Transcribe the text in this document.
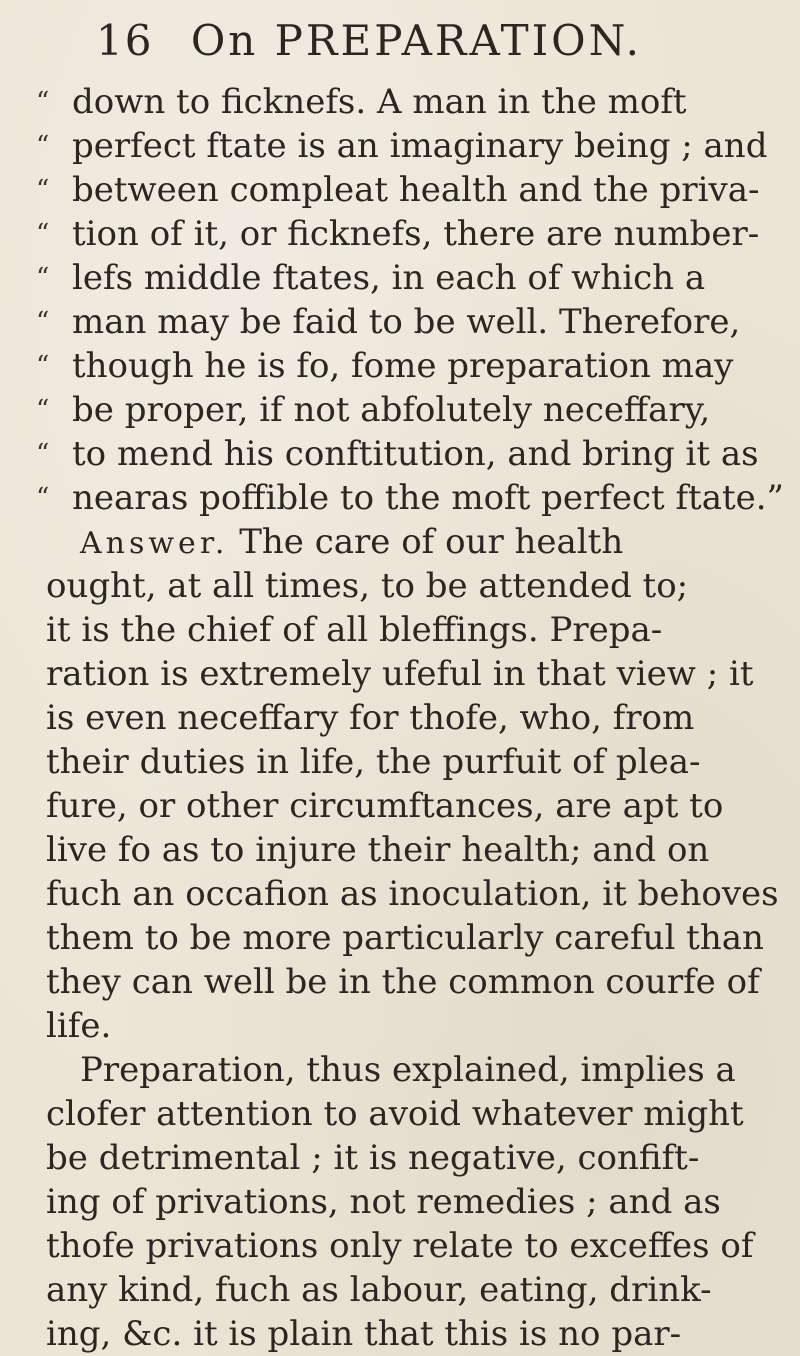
16 On PREPARATION.
“ down to ficknefs. A man in the moft
“ perfect ftate is an imaginary being ; and
“ between compleat health and the priva-
“ tion of it, or ficknefs, there are number-
“ lefs middle ftates, in each of which a
“ man may be faid to be well. Therefore,
“ though he is fo, fome preparation may
“ be proper, if not abfolutely neceffary,
“ to mend his conftitution, and bring it as
“ nearas poffible to the moft perfect ftate.”
Answer. The care of our health
ought, at all times, to be attended to;
it is the chief of all bleffings. Prepa-
ration is extremely ufeful in that view ; it
is even neceffary for thofe, who, from
their duties in life, the purfuit of plea-
fure, or other circumftances, are apt to
live fo as to injure their health; and on
fuch an occafion as inoculation, it behoves
them to be more particularly careful than
they can well be in the common courfe of
life.
Preparation, thus explained, implies a
clofer attention to avoid whatever might
be detrimental ; it is negative, confift-
ing of privations, not remedies ; and as
thofe privations only relate to exceffes of
any kind, fuch as labour, eating, drink-
ing, &c. it is plain that this is no par-
